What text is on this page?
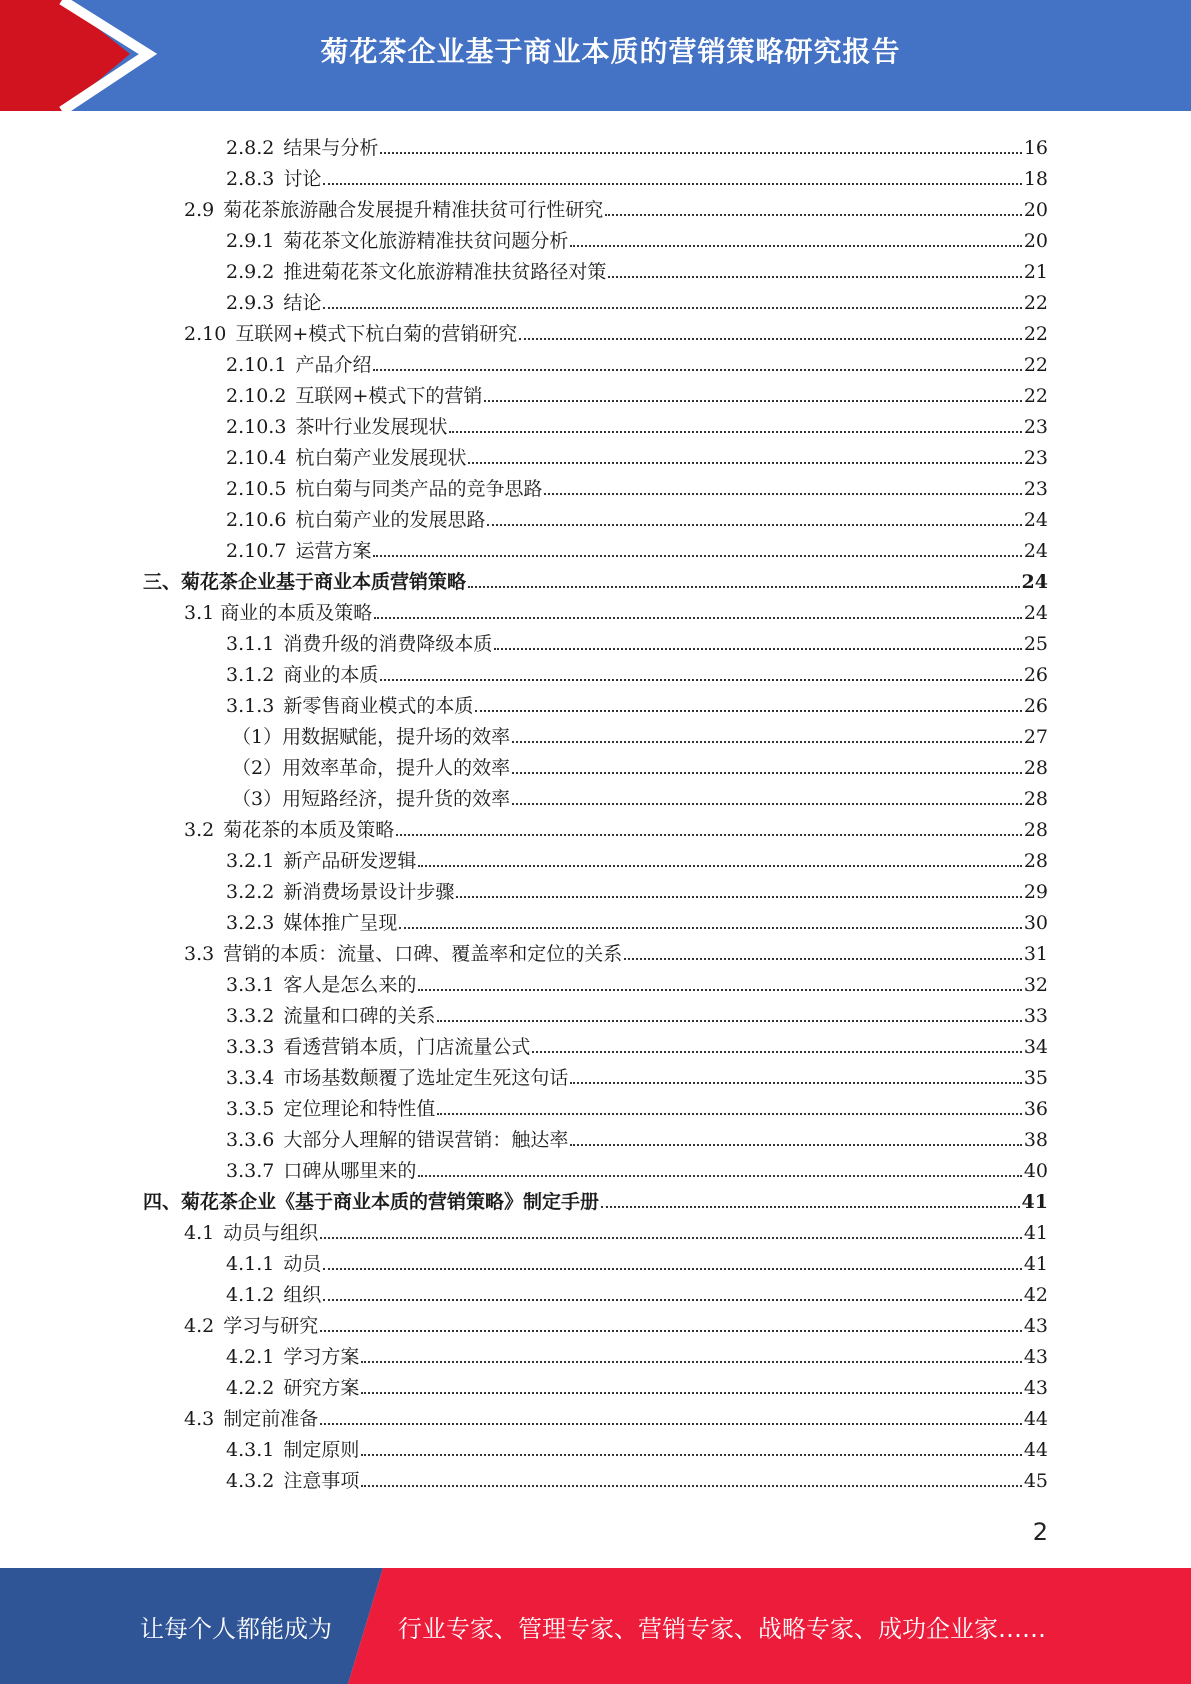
菊花茶企业基于商业本质的营销策略研究报告
2.8.2 结果与分析	16
2.8.3 讨论	18
2.9 菊花茶旅游融合发展提升精准扶贫可行性研究	20
2.9.1 菊花茶文化旅游精准扶贫问题分析	20
2.9.2 推进菊花茶文化旅游精准扶贫路径对策	21
2.9.3 结论	22
2.10 互联网+模式下杭白菊的营销研究	22
2.10.1 产品介绍	22
2.10.2 互联网+模式下的营销	22
2.10.3 茶叶行业发展现状	23
2.10.4 杭白菊产业发展现状	23
2.10.5 杭白菊与同类产品的竞争思路	23
2.10.6 杭白菊产业的发展思路	24
2.10.7 运营方案	24
三、菊花茶企业基于商业本质营销策略	24
3.1 商业的本质及策略	24
3.1.1 消费升级的消费降级本质	25
3.1.2 商业的本质	26
3.1.3 新零售商业模式的本质	26
（1）用数据赋能，提升场的效率	27
（2）用效率革命，提升人的效率	28
（3）用短路经济，提升货的效率	28
3.2 菊花茶的本质及策略	28
3.2.1 新产品研发逻辑	28
3.2.2 新消费场景设计步骤	29
3.2.3 媒体推广呈现	30
3.3 营销的本质：流量、口碑、覆盖率和定位的关系	31
3.3.1 客人是怎么来的	32
3.3.2 流量和口碑的关系	33
3.3.3 看透营销本质，门店流量公式	34
3.3.4 市场基数颠覆了选址定生死这句话	35
3.3.5 定位理论和特性值	36
3.3.6 大部分人理解的错误营销：触达率	38
3.3.7 口碑从哪里来的	40
四、菊花茶企业《基于商业本质的营销策略》制定手册	41
4.1 动员与组织	41
4.1.1 动员	41
4.1.2 组织	42
4.2 学习与研究	43
4.2.1 学习方案	43
4.2.2 研究方案	43
4.3 制定前准备	44
4.3.1 制定原则	44
4.3.2 注意事项	45
2
让每个人都能成为	行业专家、管理专家、营销专家、战略专家、成功企业家……
